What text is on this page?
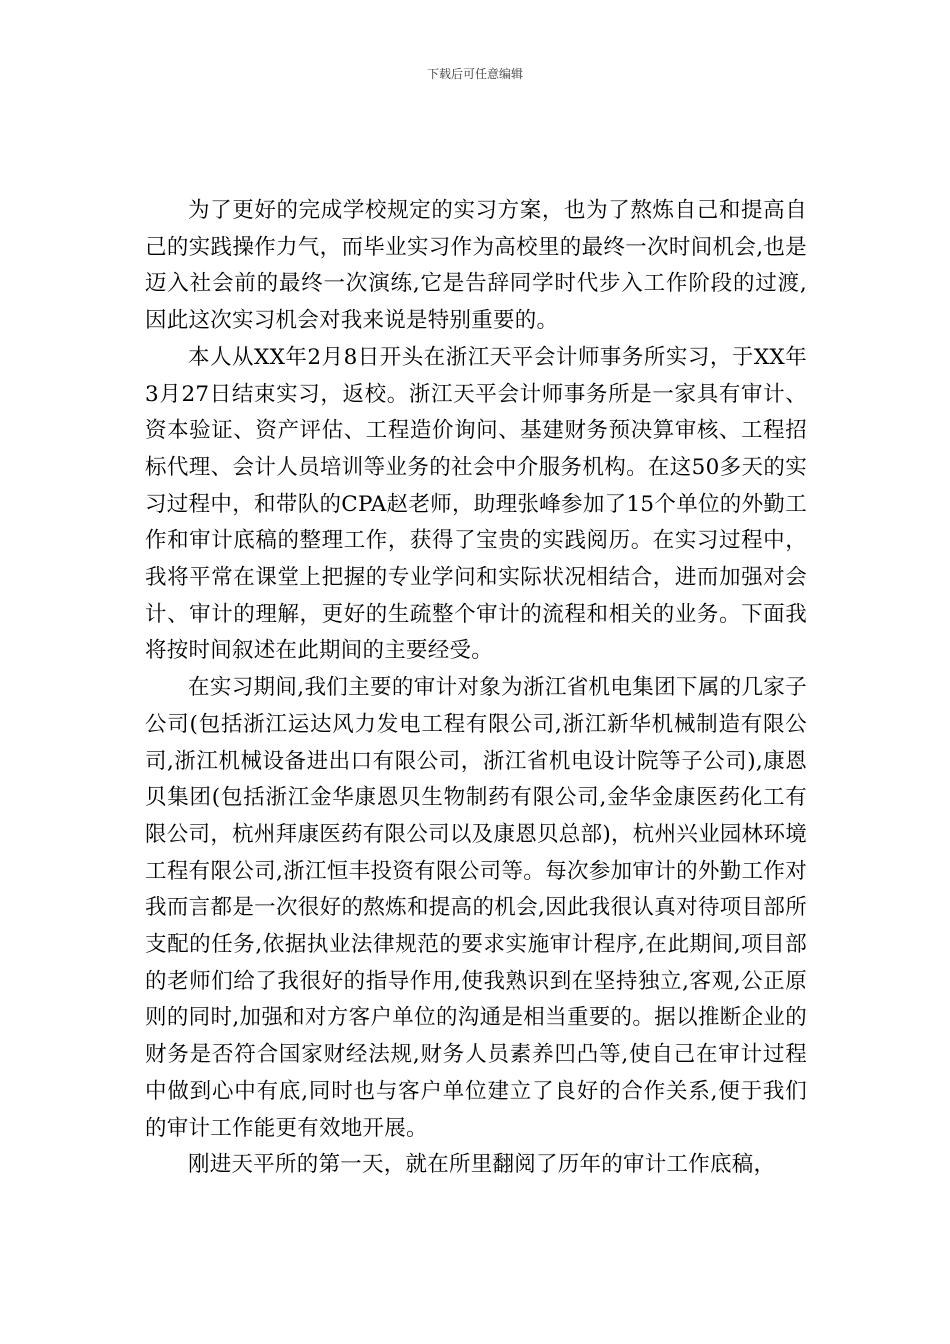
下载后可任意编辑

为了更好的完成学校规定的实习方案，也为了熬炼自己和提高自己的实践操作力气，而毕业实习作为高校里的最终一次时间机会,也是迈入社会前的最终一次演练,它是告辞同学时代步入工作阶段的过渡,因此这次实习机会对我来说是特别重要的。

本人从XX年2月8日开头在浙江天平会计师事务所实习，于XX年3月27日结束实习，返校。浙江天平会计师事务所是一家具有审计、资本验证、资产评估、工程造价询问、基建财务预决算审核、工程招标代理、会计人员培训等业务的社会中介服务机构。在这50多天的实习过程中，和带队的CPA赵老师，助理张峰参加了15个单位的外勤工作和审计底稿的整理工作，获得了宝贵的实践阅历。在实习过程中，我将平常在课堂上把握的专业学问和实际状况相结合，进而加强对会计、审计的理解，更好的生疏整个审计的流程和相关的业务。下面我将按时间叙述在此期间的主要经受。

在实习期间,我们主要的审计对象为浙江省机电集团下属的几家子公司(包括浙江运达风力发电工程有限公司,浙江新华机械制造有限公司,浙江机械设备进出口有限公司，浙江省机电设计院等子公司),康恩贝集团(包括浙江金华康恩贝生物制药有限公司,金华金康医药化工有限公司，杭州拜康医药有限公司以及康恩贝总部)，杭州兴业园林环境工程有限公司,浙江恒丰投资有限公司等。每次参加审计的外勤工作对我而言都是一次很好的熬炼和提高的机会,因此我很认真对待项目部所支配的任务,依据执业法律规范的要求实施审计程序,在此期间,项目部的老师们给了我很好的指导作用,使我熟识到在坚持独立,客观,公正原则的同时,加强和对方客户单位的沟通是相当重要的。据以推断企业的财务是否符合国家财经法规,财务人员素养凹凸等,使自己在审计过程中做到心中有底,同时也与客户单位建立了良好的合作关系,便于我们的审计工作能更有效地开展。

刚进天平所的第一天，就在所里翻阅了历年的审计工作底稿，
